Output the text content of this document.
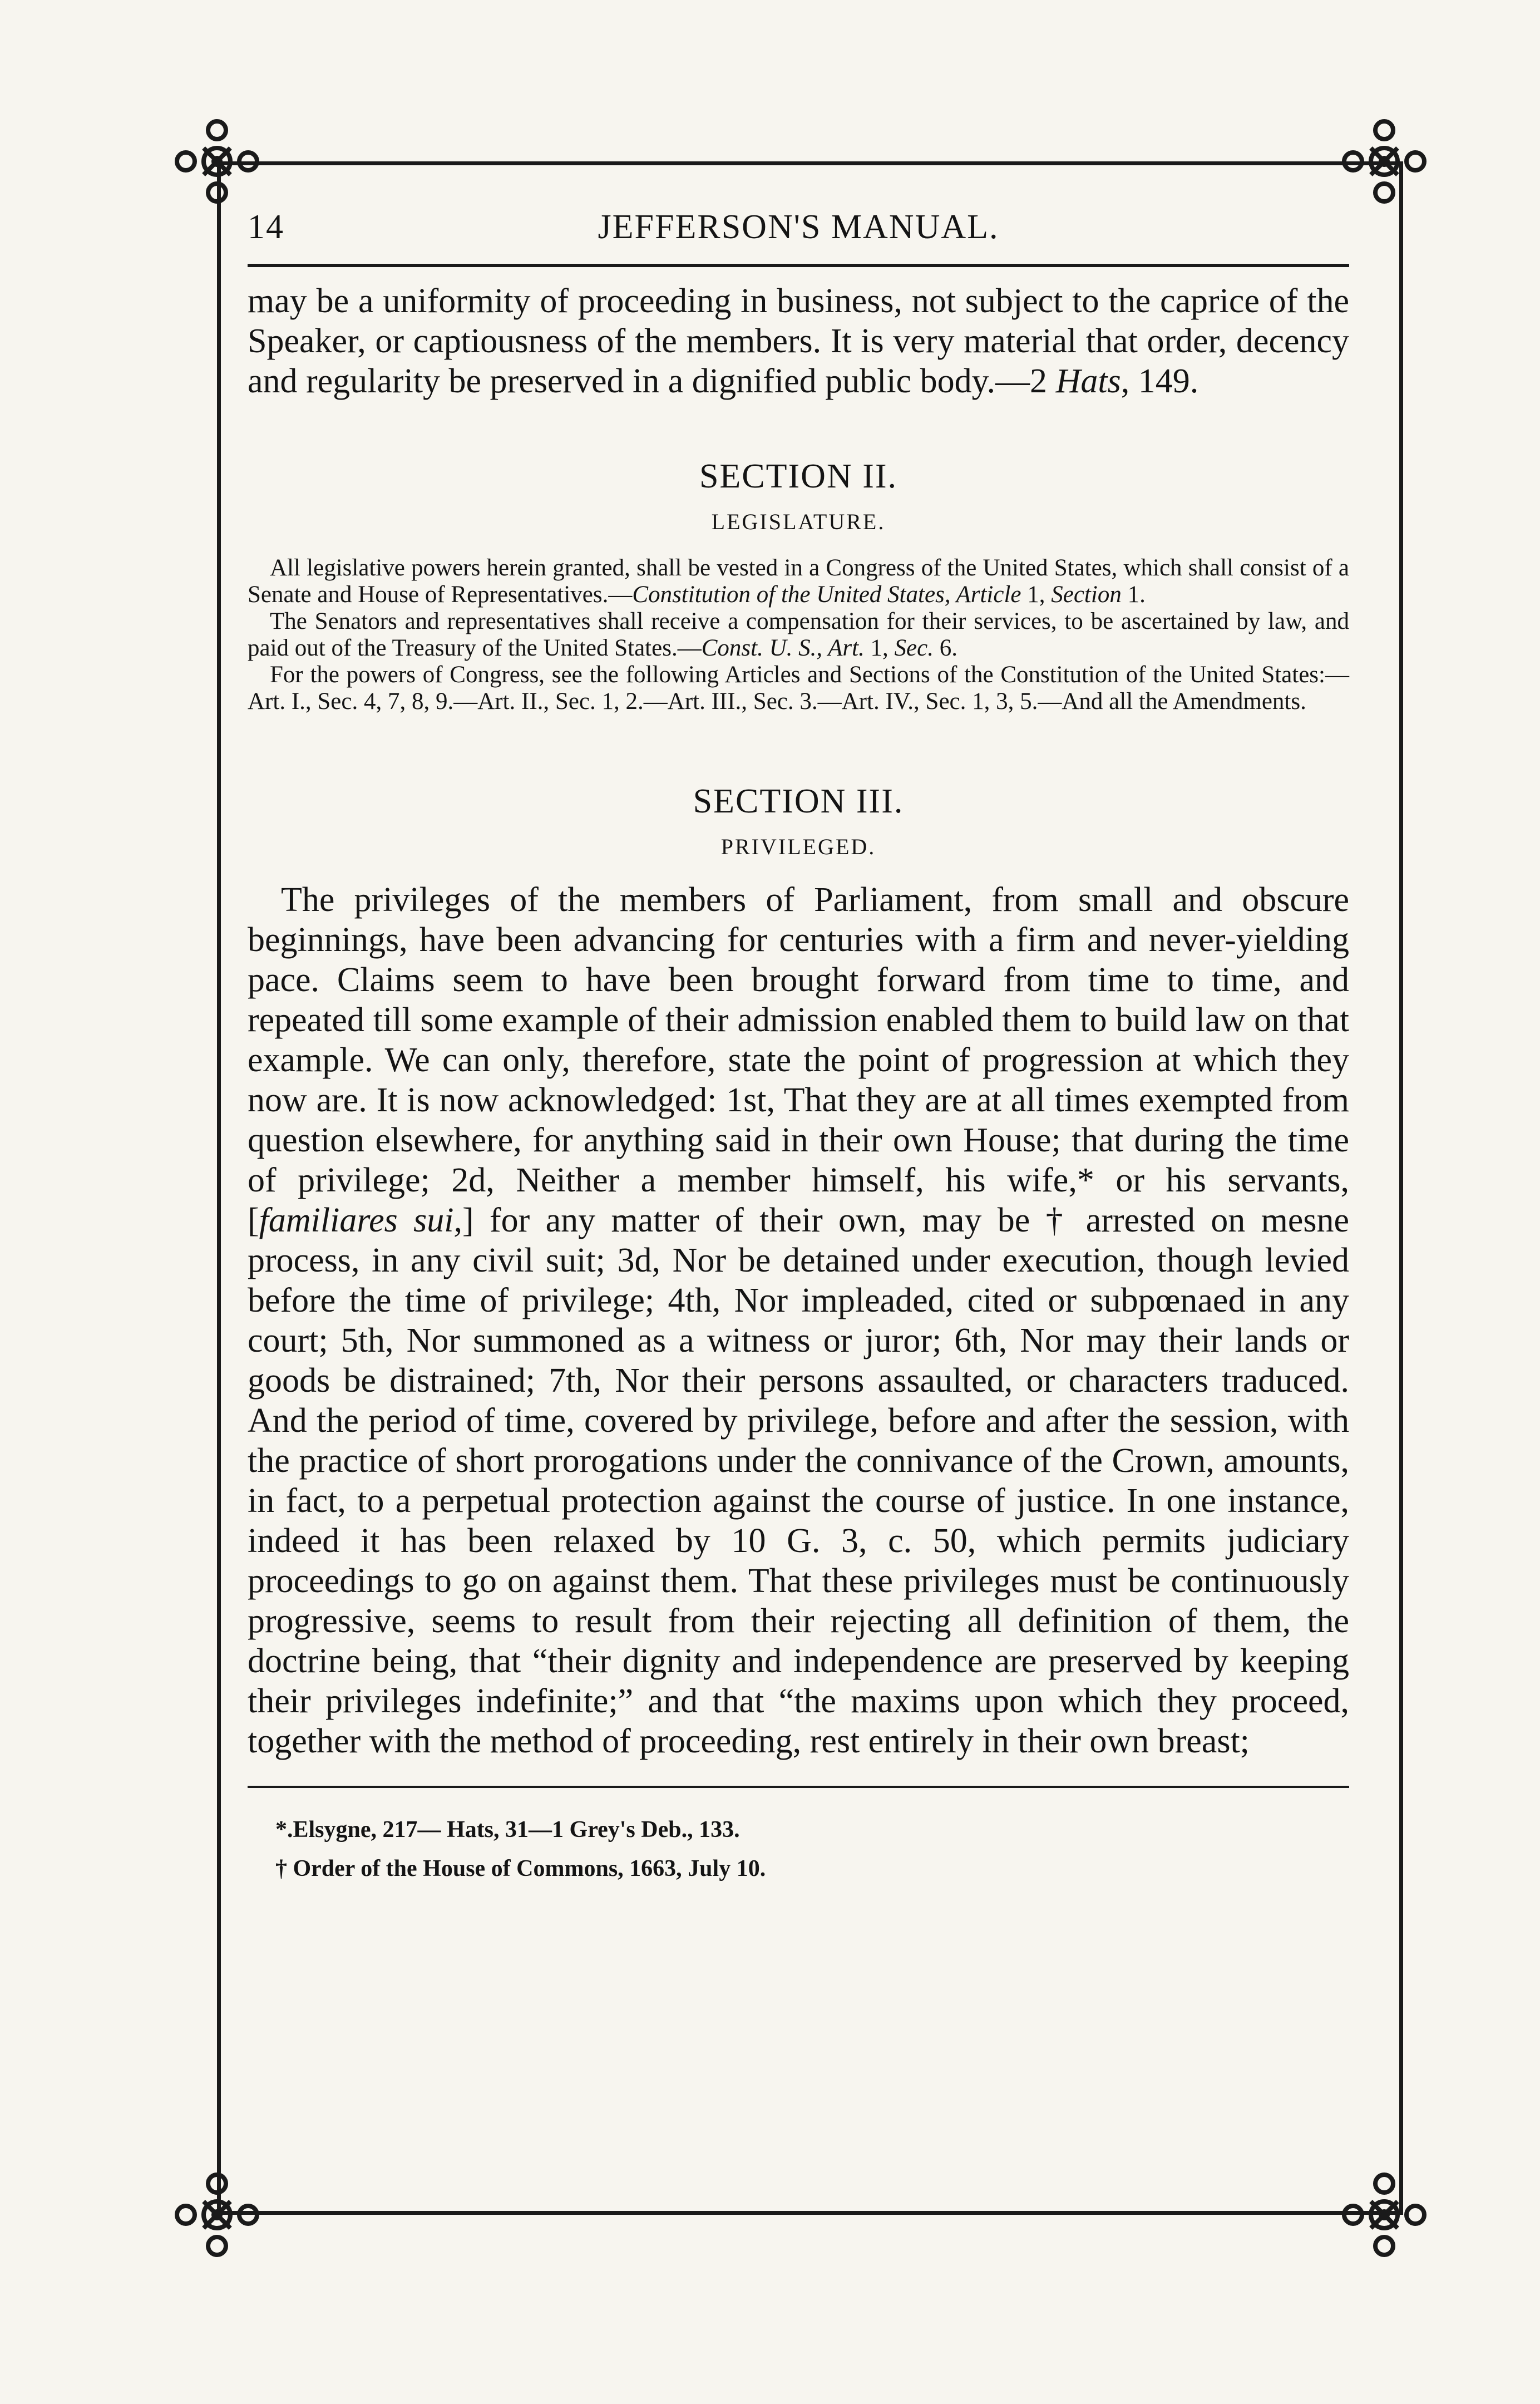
14	JEFFERSON'S MANUAL.

may be a uniformity of proceeding in business, not subject to the caprice of the Speaker, or captiousness of the members. It is very material that order, decency and regularity be preserved in a dignified public body.—2 Hats, 149.

SECTION II.
LEGISLATURE.

All legislative powers herein granted, shall be vested in a Congress of the United States, which shall consist of a Senate and House of Representatives.—Constitution of the United States, Article 1, Section 1.

The Senators and representatives shall receive a compensation for their services, to be ascertained by law, and paid out of the Treasury of the United States.—Const. U. S., Art. 1, Sec. 6.

For the powers of Congress, see the following Articles and Sections of the Constitution of the United States:—Art. I., Sec. 4, 7, 8, 9.—Art. II., Sec. 1, 2.—Art. III., Sec. 3.—Art. IV., Sec. 1, 3, 5.—And all the Amendments.

SECTION III.
PRIVILEGED.

The privileges of the members of Parliament, from small and obscure beginnings, have been advancing for centuries with a firm and never-yielding pace. Claims seem to have been brought forward from time to time, and repeated till some example of their admission enabled them to build law on that example. We can only, therefore, state the point of progression at which they now are. It is now acknowledged: 1st, That they are at all times exempted from question elsewhere, for anything said in their own House; that during the time of privilege; 2d, Neither a member himself, his wife,* or his servants, [familiares sui,] for any matter of their own, may be † arrested on mesne process, in any civil suit; 3d, Nor be detained under execution, though levied before the time of privilege; 4th, Nor impleaded, cited or subpœnaed in any court; 5th, Nor summoned as a witness or juror; 6th, Nor may their lands or goods be distrained; 7th, Nor their persons assaulted, or characters traduced. And the period of time, covered by privilege, before and after the session, with the practice of short prorogations under the connivance of the Crown, amounts, in fact, to a perpetual protection against the course of justice. In one instance, indeed it has been relaxed by 10 G. 3, c. 50, which permits judiciary proceedings to go on against them. That these privileges must be continuously progressive, seems to result from their rejecting all definition of them, the doctrine being, that “their dignity and independence are preserved by keeping their privileges indefinite;” and that “the maxims upon which they proceed, together with the method of proceeding, rest entirely in their own breast;

*.Elsygne, 217— Hats, 31—1 Grey's Deb., 133.

† Order of the House of Commons, 1663, July 10.
